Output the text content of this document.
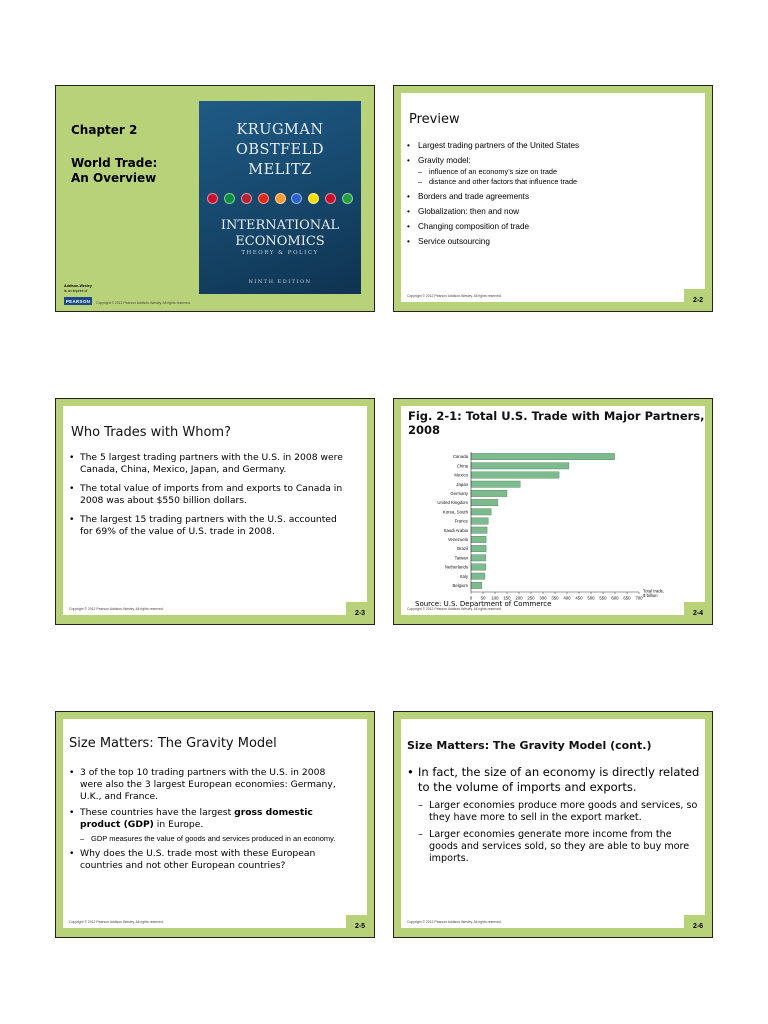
Chapter 2
World Trade:
An Overview
KRUGMAN
OBSTFELD
MELITZ
INTERNATIONAL
ECONOMICS
THEORY & POLICY
NINTH EDITION
Addison-Wesley
is an imprint of
PEARSON	Copyright © 2012 Pearson Addison-Wesley. All rights reserved.
Preview
• Largest trading partners of the United States
• Gravity model:
– influence of an economy’s size on trade
– distance and other factors that influence trade
• Borders and trade agreements
• Globalization: then and now
• Changing composition of trade
• Service outsourcing
Copyright © 2012 Pearson Addison-Wesley. All rights reserved.
2-2
Who Trades with Whom?
• The 5 largest trading partners with the U.S. in 2008 were Canada, China, Mexico, Japan, and Germany.
• The total value of imports from and exports to Canada in 2008 was about $550 billion dollars.
• The largest 15 trading partners with the U.S. accounted for 69% of the value of U.S. trade in 2008.
Copyright © 2012 Pearson Addison-Wesley. All rights reserved.
2-3
Fig. 2-1: Total U.S. Trade with Major Partners, 2008
Canada
China
Mexico
Japan
Germany
United Kingdom
Korea, South
France
Saudi Arabia
Venezuela
Brazil
Taiwan
Netherlands
Italy
Belgium
0 50 100 150 200 250 300 350 400 450 500 550 600 650 700
Total trade, $ billion
Source: U.S. Department of Commerce
Copyright © 2012 Pearson Addison-Wesley. All rights reserved.
2-4
Size Matters: The Gravity Model
• 3 of the top 10 trading partners with the U.S. in 2008 were also the 3 largest European economies: Germany, U.K., and France.
• These countries have the largest gross domestic product (GDP) in Europe.
– GDP measures the value of goods and services produced in an economy.
• Why does the U.S. trade most with these European countries and not other European countries?
Copyright © 2012 Pearson Addison-Wesley. All rights reserved.
2-5
Size Matters: The Gravity Model (cont.)
• In fact, the size of an economy is directly related to the volume of imports and exports.
– Larger economies produce more goods and services, so they have more to sell in the export market.
– Larger economies generate more income from the goods and services sold, so they are able to buy more imports.
Copyright © 2012 Pearson Addison-Wesley. All rights reserved.
2-6
